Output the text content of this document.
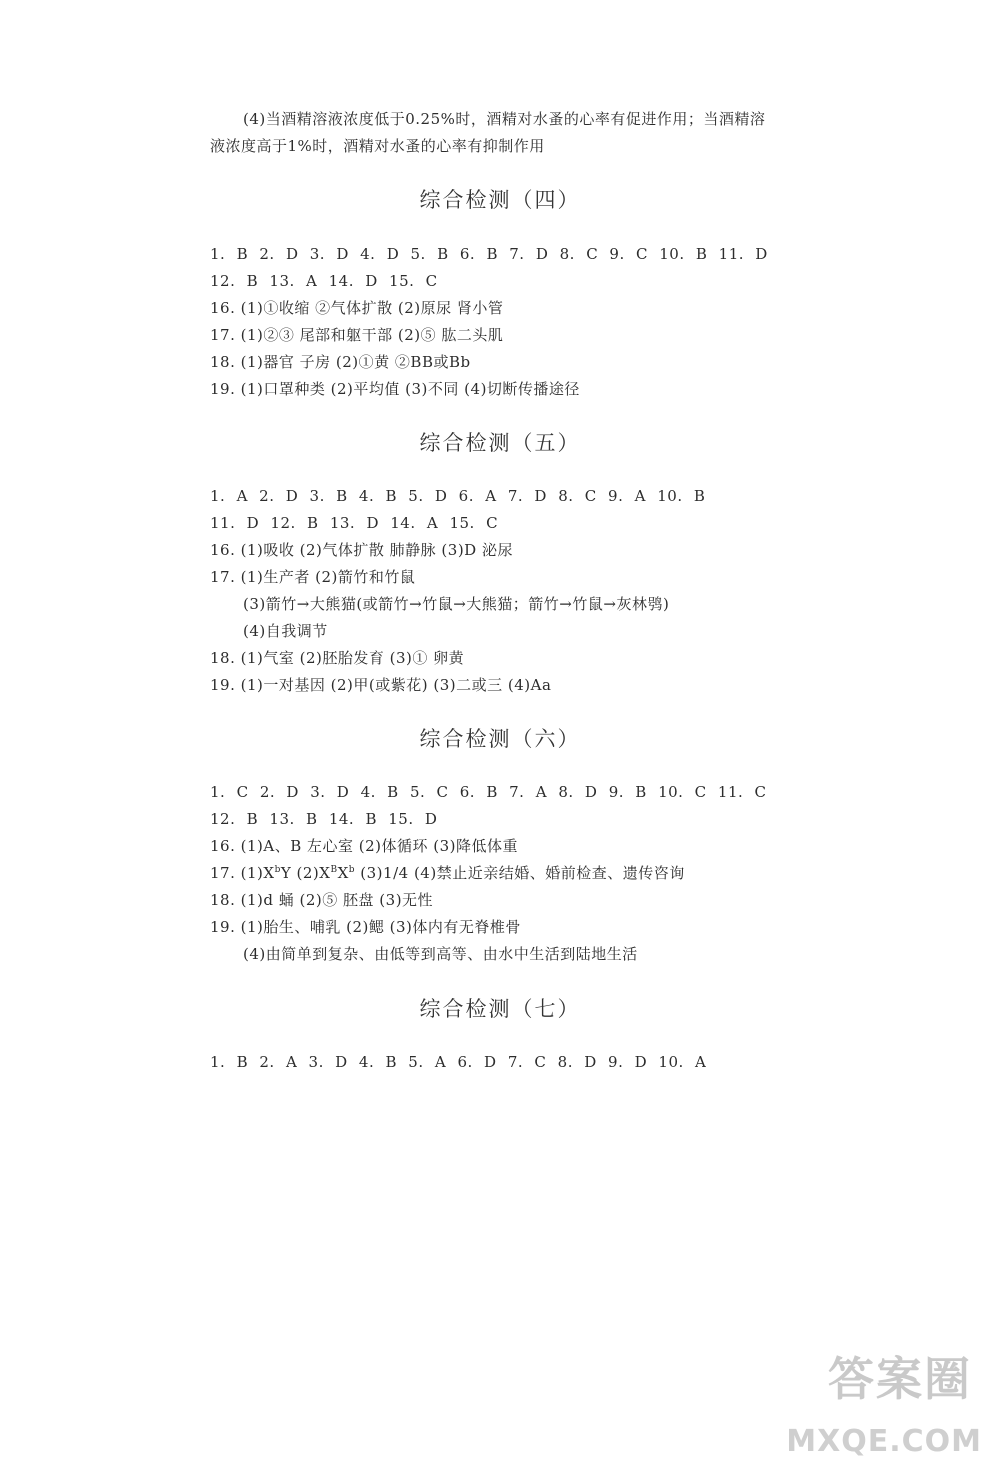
(4)当酒精溶液浓度低于0.25%时，酒精对水蚤的心率有促进作用；当酒精溶
液浓度高于1%时，酒精对水蚤的心率有抑制作用
综合检测（四）
1. B 2. D 3. D 4. D 5. B 6. B 7. D 8. C 9. C 10. B 11. D
12. B 13. A 14. D 15. C
16. (1)①收缩 ②气体扩散 (2)原尿 肾小管
17. (1)②③ 尾部和躯干部 (2)⑤ 肱二头肌
18. (1)器官 子房 (2)①黄 ②BB或Bb
19. (1)口罩种类 (2)平均值 (3)不同 (4)切断传播途径
综合检测（五）
1. A 2. D 3. B 4. B 5. D 6. A 7. D 8. C 9. A 10. B
11. D 12. B 13. D 14. A 15. C
16. (1)吸收 (2)气体扩散 肺静脉 (3)D 泌尿
17. (1)生产者 (2)箭竹和竹鼠
(3)箭竹→大熊猫(或箭竹→竹鼠→大熊猫；箭竹→竹鼠→灰林鸮)
(4)自我调节
18. (1)气室 (2)胚胎发育 (3)① 卵黄
19. (1)一对基因 (2)甲(或紫花) (3)二或三 (4)Aa
综合检测（六）
1. C 2. D 3. D 4. B 5. C 6. B 7. A 8. D 9. B 10. C 11. C
12. B 13. B 14. B 15. D
16. (1)A、B 左心室 (2)体循环 (3)降低体重
17. $(1)X^bY$ $(2)X^BX^b$ (3)1/4 (4)禁止近亲结婚、婚前检查、遗传咨询
18. (1)d 蛹 (2)⑤ 胚盘 (3)无性
19. (1)胎生、哺乳 (2)鳃 (3)体内有无脊椎骨
(4)由简单到复杂、由低等到高等、由水中生活到陆地生活
综合检测（七）
1. B 2. A 3. D 4. B 5. A 6. D 7. C 8. D 9. D 10. A
答案圈
MXQE.COM
